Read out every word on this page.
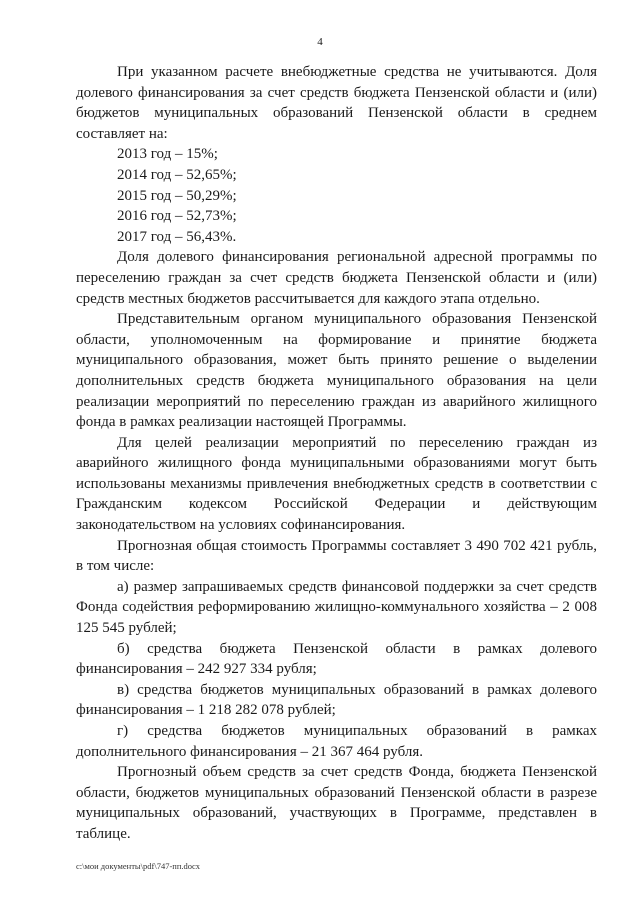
4

При указанном расчете внебюджетные средства не учитываются. Доля долевого финансирования за счет средств бюджета Пензенской области и (или) бюджетов муниципальных образований Пензенской области в среднем составляет на:

2013 год – 15%;

2014 год – 52,65%;

2015 год – 50,29%;

2016 год – 52,73%;

2017 год – 56,43%.

Доля долевого финансирования региональной адресной программы по переселению граждан за счет средств бюджета Пензенской области и (или) средств местных бюджетов рассчитывается для каждого этапа отдельно.

Представительным органом муниципального образования Пензенской области, уполномоченным на формирование и принятие бюджета муниципального образования, может быть принято решение о выделении дополнительных средств бюджета муниципального образования на цели реализации мероприятий по переселению граждан из аварийного жилищного фонда в рамках реализации настоящей Программы.

Для целей реализации мероприятий по переселению граждан из аварийного жилищного фонда муниципальными образованиями могут быть использованы механизмы привлечения внебюджетных средств в соответствии с Гражданским кодексом Российской Федерации и действующим законодательством на условиях софинансирования.

Прогнозная общая стоимость Программы составляет 3 490 702 421 рубль, в том числе:

а) размер запрашиваемых средств финансовой поддержки за счет средств Фонда содействия реформированию жилищно-коммунального хозяйства – 2 008 125 545 рублей;

б) средства бюджета Пензенской области в рамках долевого финансирования – 242 927 334 рубля;

в) средства бюджетов муниципальных образований в рамках долевого финансирования – 1 218 282 078 рублей;

г) средства бюджетов муниципальных образований в рамках дополнительного финансирования – 21 367 464 рубля.

Прогнозный объем средств за счет средств Фонда, бюджета Пензенской области, бюджетов муниципальных образований Пензенской области в разрезе муниципальных образований, участвующих в Программе, представлен в таблице.

c:\мои документы\pdf\747-пп.docx
